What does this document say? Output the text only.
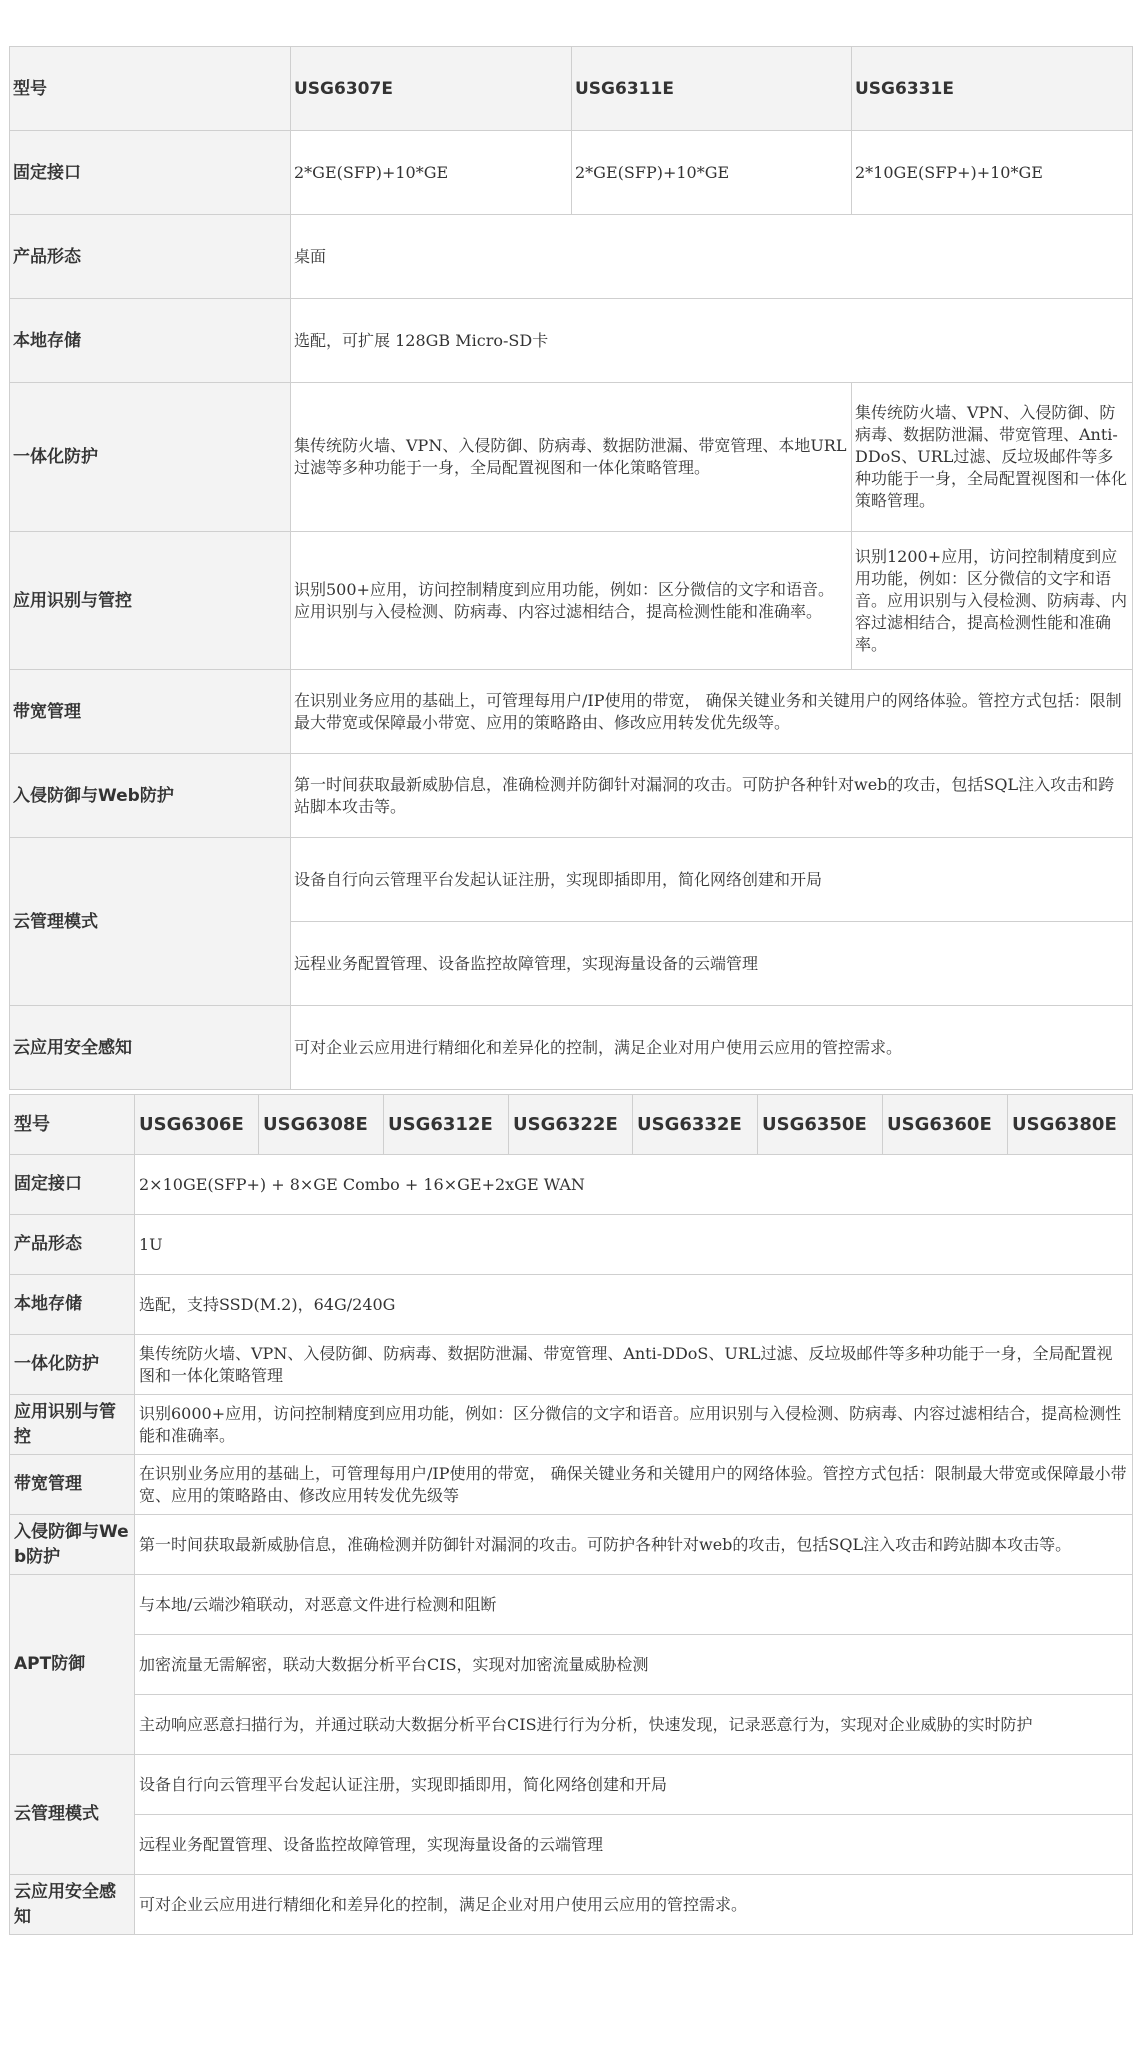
型号	USG6307E	USG6311E	USG6331E
固定接口	2*GE(SFP)+10*GE	2*GE(SFP)+10*GE	2*10GE(SFP+)+10*GE
产品形态	桌面		
本地存储	选配，可扩展 128GB Micro-SD卡		
一体化防护	集传统防火墙、VPN、入侵防御、防病毒、数据防泄漏、带宽管理、本地URL过滤等多种功能于一身，全局配置视图和一体化策略管理。		集传统防火墙、VPN、入侵防御、防病毒、数据防泄漏、带宽管理、Anti-DDoS、URL过滤、反垃圾邮件等多种功能于一身，全局配置视图和一体化策略管理。
应用识别与管控	识别500+应用，访问控制精度到应用功能，例如：区分微信的文字和语音。应用识别与入侵检测、防病毒、内容过滤相结合，提高检测性能和准确率。		识别1200+应用，访问控制精度到应用功能，例如：区分微信的文字和语音。应用识别与入侵检测、防病毒、内容过滤相结合，提高检测性能和准确率。
带宽管理	在识别业务应用的基础上，可管理每用户/IP使用的带宽， 确保关键业务和关键用户的网络体验。管控方式包括：限制最大带宽或保障最小带宽、应用的策略路由、修改应用转发优先级等。		
入侵防御与Web防护	第一时间获取最新威胁信息，准确检测并防御针对漏洞的攻击。可防护各种针对web的攻击，包括SQL注入攻击和跨站脚本攻击等。		
云管理模式	设备自行向云管理平台发起认证注册，实现即插即用，简化网络创建和开局		
	远程业务配置管理、设备监控故障管理，实现海量设备的云端管理		
云应用安全感知	可对企业云应用进行精细化和差异化的控制，满足企业对用户使用云应用的管控需求。		
型号	USG6306E	USG6308E	USG6312E	USG6322E	USG6332E	USG6350E	USG6360E	USG6380E
固定接口	2×10GE(SFP+) + 8×GE Combo + 16×GE+2xGE WAN							
产品形态	1U							
本地存储	选配，支持SSD(M.2)，64G/240G							
一体化防护	集传统防火墙、VPN、入侵防御、防病毒、数据防泄漏、带宽管理、Anti-DDoS、URL过滤、反垃圾邮件等多种功能于一身，全局配置视图和一体化策略管理							
应用识别与管控	识别6000+应用，访问控制精度到应用功能，例如：区分微信的文字和语音。应用识别与入侵检测、防病毒、内容过滤相结合，提高检测性能和准确率。							
带宽管理	在识别业务应用的基础上，可管理每用户/IP使用的带宽， 确保关键业务和关键用户的网络体验。管控方式包括：限制最大带宽或保障最小带宽、应用的策略路由、修改应用转发优先级等							
入侵防御与Web防护	第一时间获取最新威胁信息，准确检测并防御针对漏洞的攻击。可防护各种针对web的攻击，包括SQL注入攻击和跨站脚本攻击等。							
APT防御	与本地/云端沙箱联动，对恶意文件进行检测和阻断							
	加密流量无需解密，联动大数据分析平台CIS，实现对加密流量威胁检测							
	主动响应恶意扫描行为，并通过联动大数据分析平台CIS进行行为分析，快速发现，记录恶意行为，实现对企业威胁的实时防护							
云管理模式	设备自行向云管理平台发起认证注册，实现即插即用，简化网络创建和开局							
	远程业务配置管理、设备监控故障管理，实现海量设备的云端管理							
云应用安全感知	可对企业云应用进行精细化和差异化的控制，满足企业对用户使用云应用的管控需求。							
